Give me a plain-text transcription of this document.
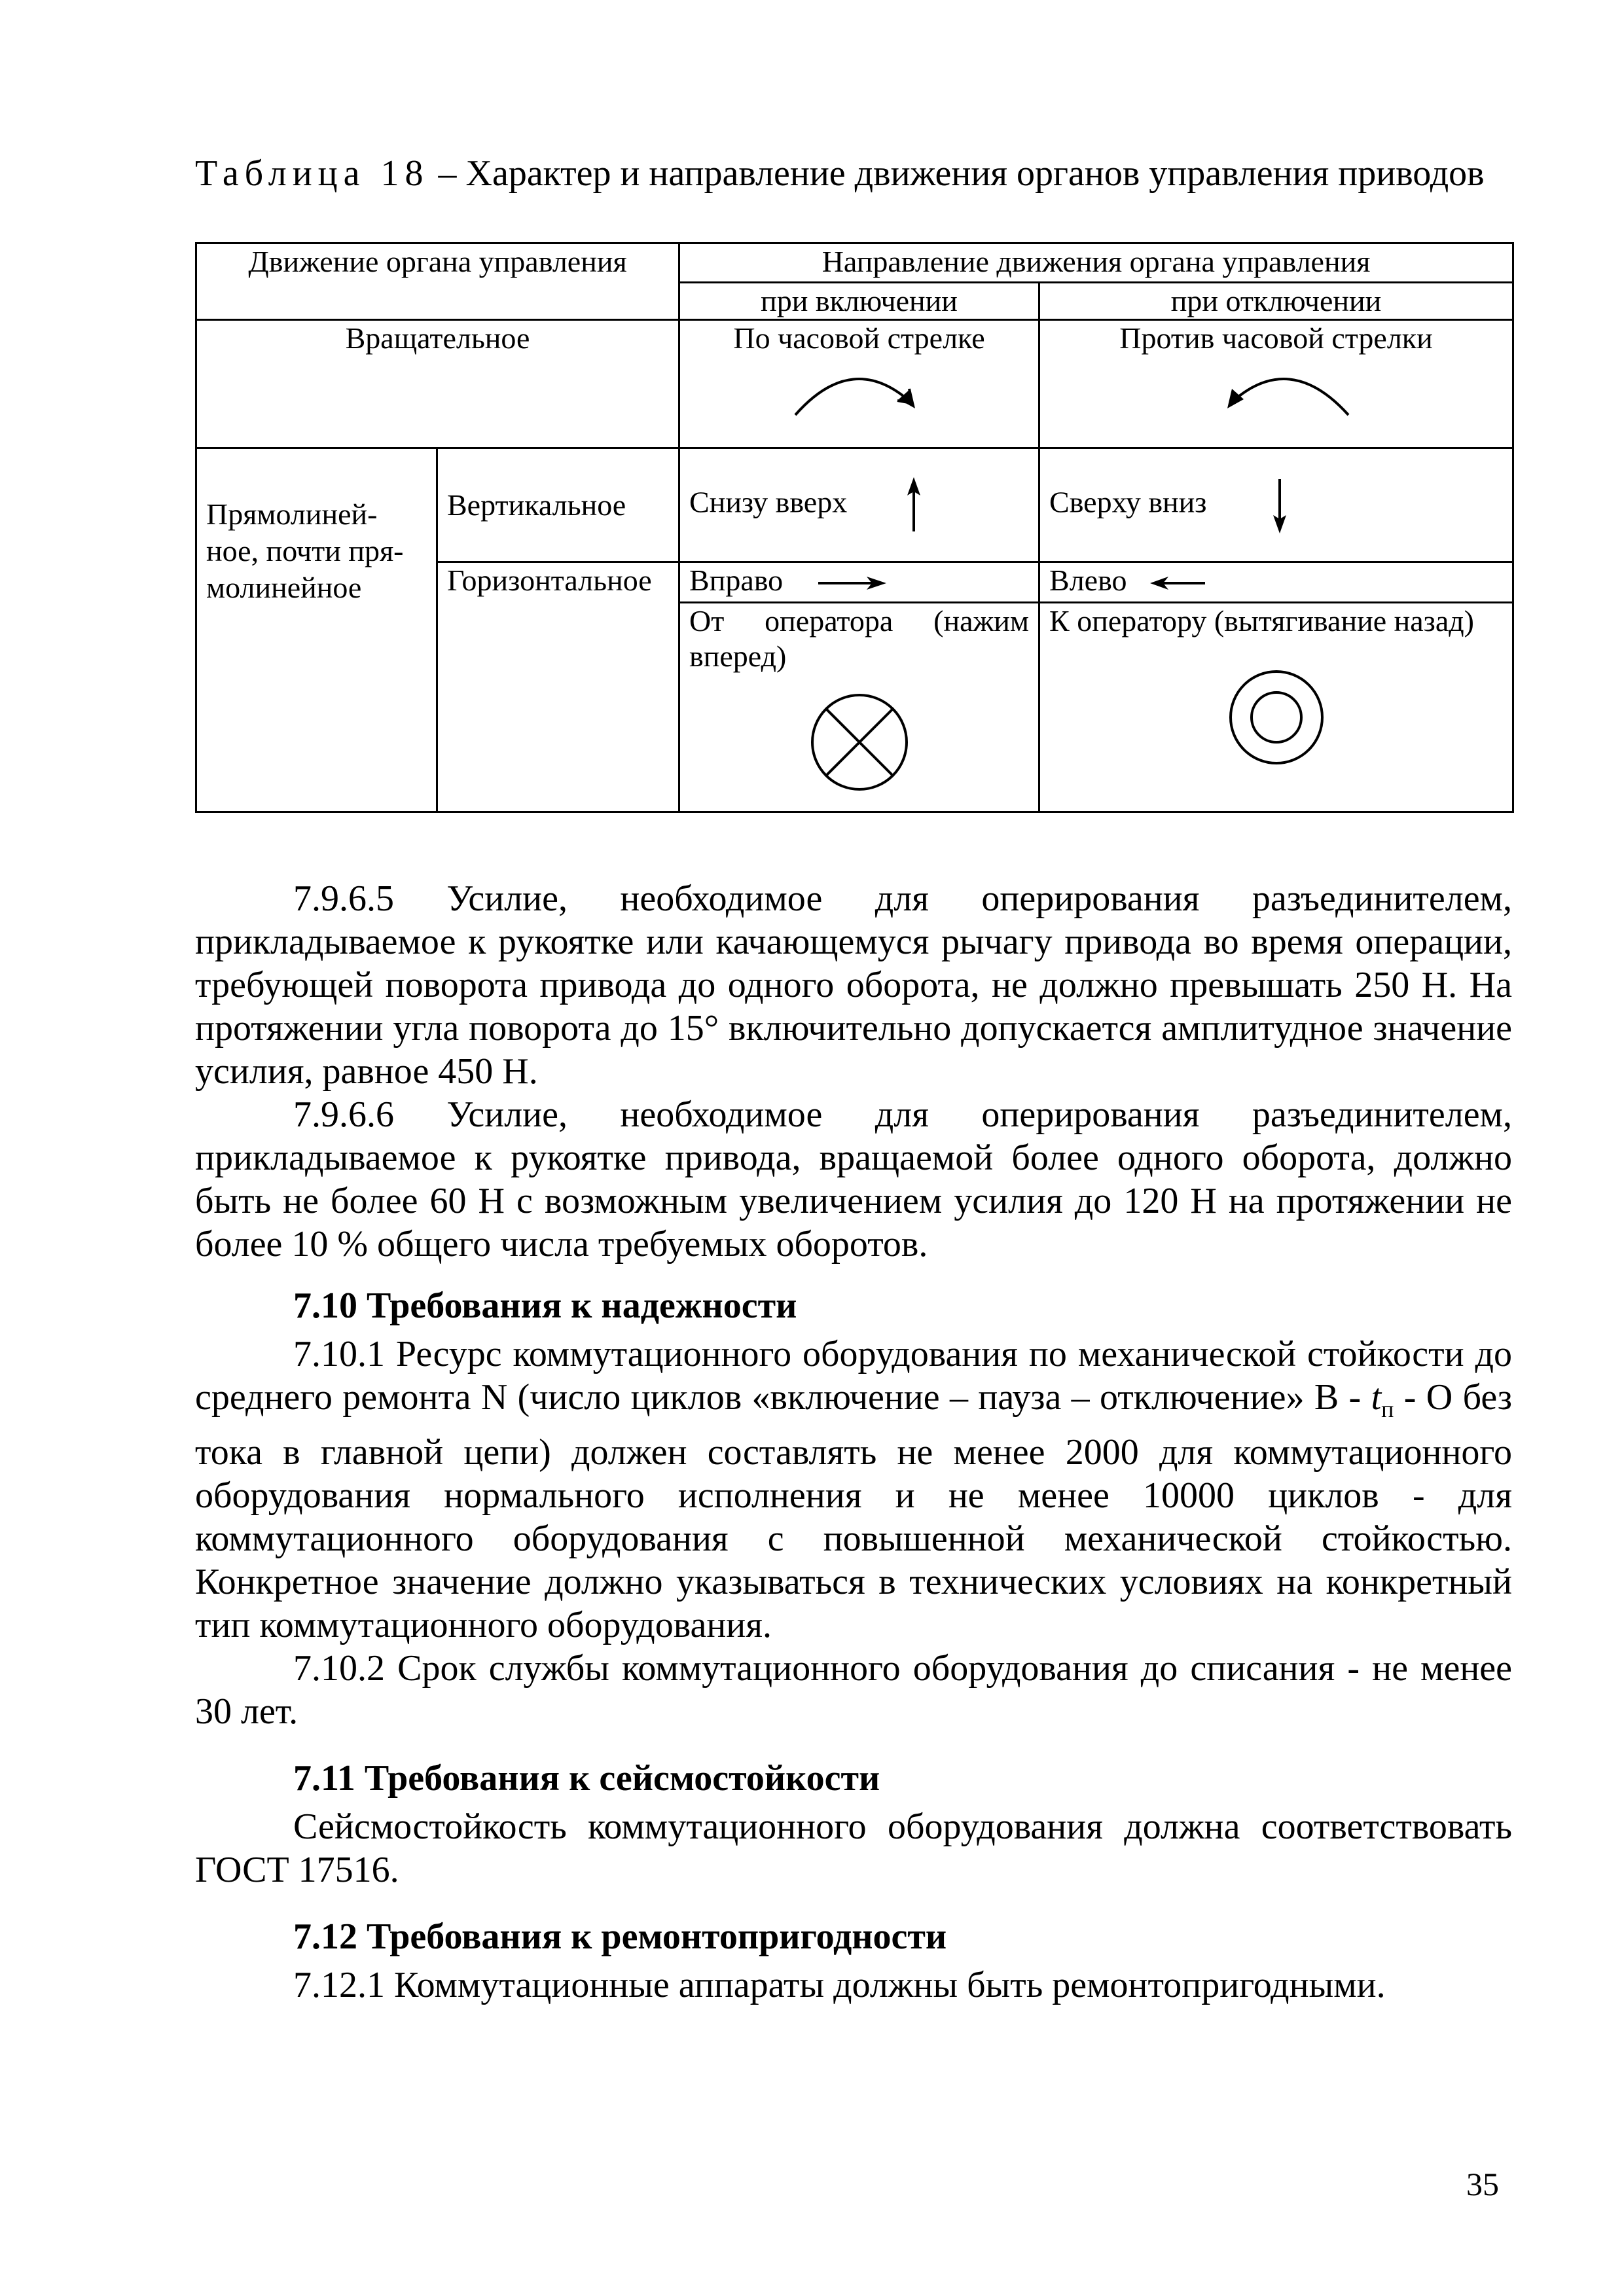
Таблица 18 – Характер и направление движения органов управления приводов
Движение органа управления		Направление движения органа управления	
		при включении	при отключении
Вращательное		По часовой стрелке	Против часовой стрелки

Прямолиней-ное, почти пря-молинейное	Вертикальное	Снизу вверх	Сверху вниз
	Горизонтальное	Вправо	Влево

		От оператора (нажим вперед)	К оператору (вытягивание назад)

7.9.6.5 Усилие, необходимое для оперирования разъединителем, прикладываемое к рукоятке или качающемуся рычагу привода во время операции, требующей поворота привода до одного оборота, не должно превышать 250 Н. На протяжении угла поворота до 15° включительно допускается амплитудное значение усилия, равное 450 Н.

7.9.6.6 Усилие, необходимое для оперирования разъединителем, прикладываемое к рукоятке привода, вращаемой более одного оборота, должно быть не более 60 Н с возможным увеличением усилия до 120 Н на протяжении не более 10 % общего числа требуемых оборотов.

7.10 Требования к надежности

7.10.1 Ресурс коммутационного оборудования по механической стойкости до среднего ремонта N (число циклов «включение – пауза – отключение» В - $t_п$ - О без тока в главной цепи) должен составлять не менее 2000 для коммутационного оборудования нормального исполнения и не менее 10000 циклов - для коммутационного оборудования с повышенной механической стойкостью. Конкретное значение должно указываться в технических условиях на конкретный тип коммутационного оборудования.

7.10.2 Срок службы коммутационного оборудования до списания - не менее 30 лет.

7.11 Требования к сейсмостойкости

Сейсмостойкость коммутационного оборудования должна соответствовать ГОСТ 17516.

7.12 Требования к ремонтопригодности

7.12.1 Коммутационные аппараты должны быть ремонтопригодными.

35
